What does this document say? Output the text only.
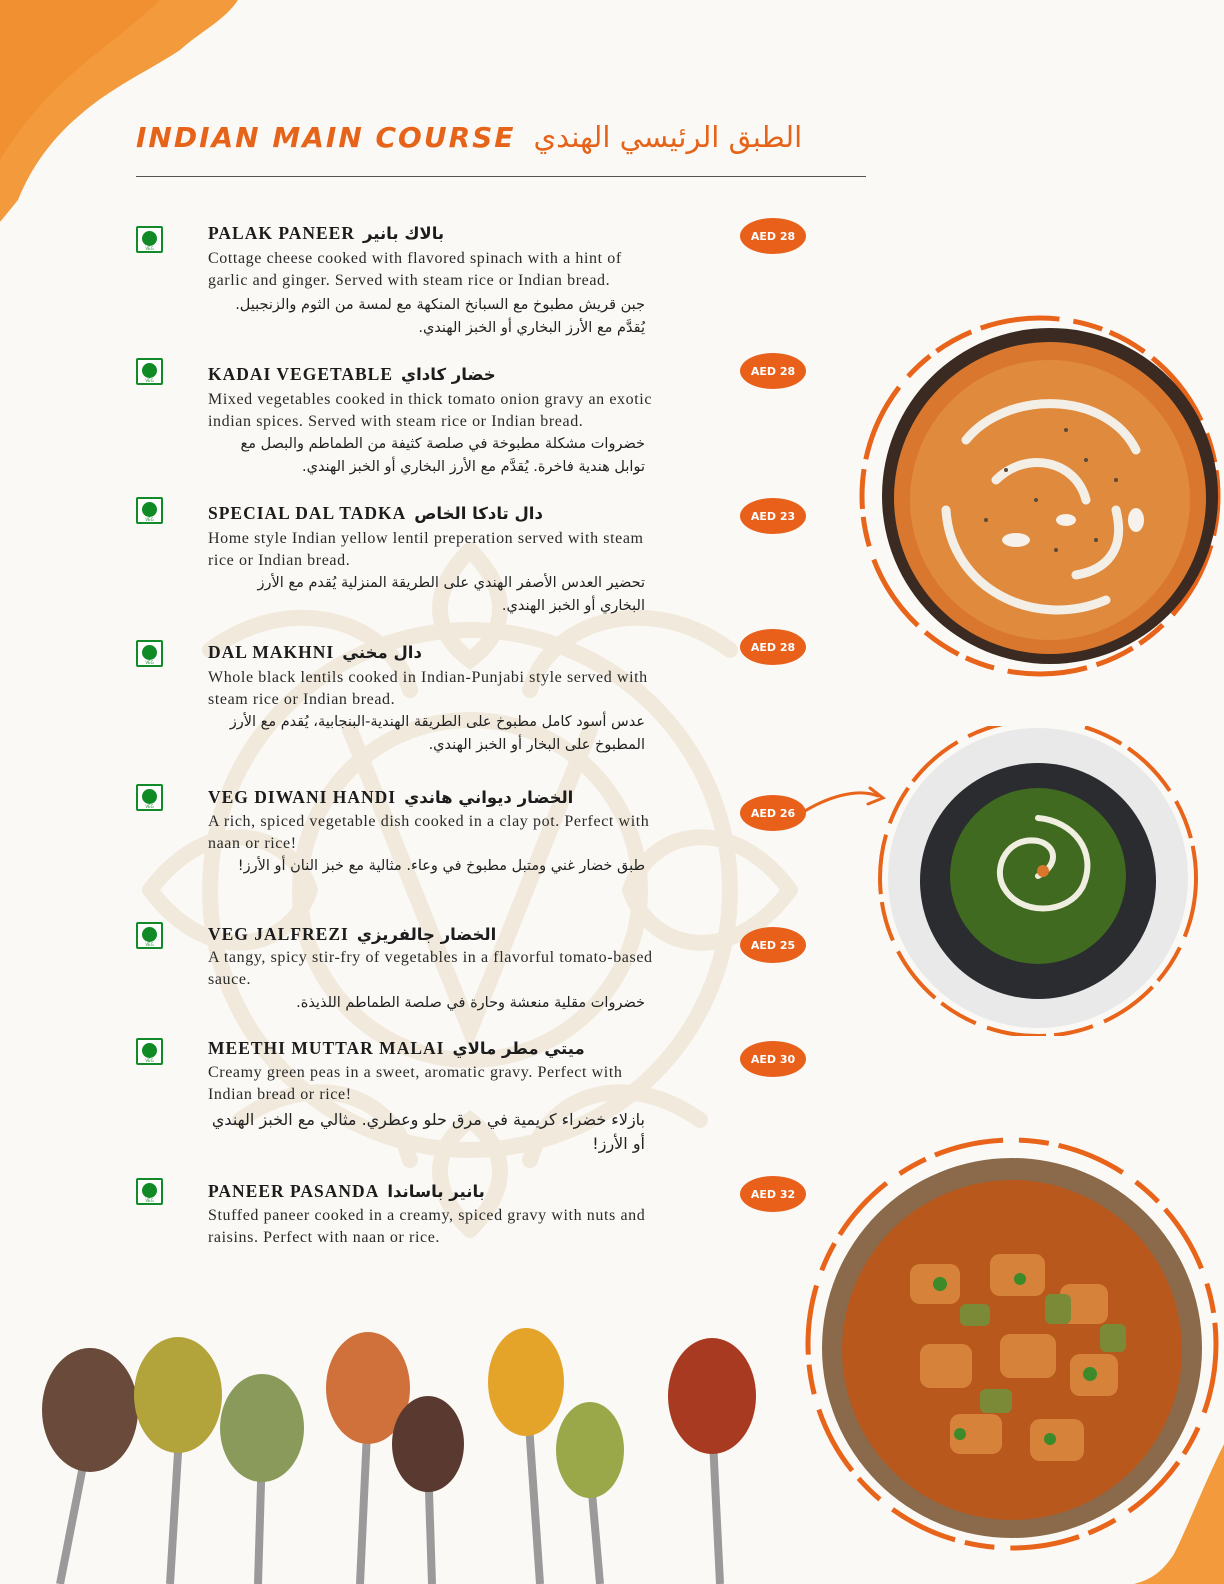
INDIAN MAIN COURSE الطبق الرئيسي الهندي
VEG
PALAK PANEER بالاك بانير
Cottage cheese cooked with flavored spinach with a hint of garlic and ginger. Served with steam rice or Indian bread.
جبن قريش مطبوخ مع السبانخ المنكهة مع لمسة من الثوم والزنجبيل. يُقدَّم مع الأرز البخاري أو الخبز الهندي.
AED 28
VEG	KADAI VEGETABLE خضار كاداي
Mixed vegetables cooked in thick tomato onion gravy an exotic indian spices. Served with steam rice or Indian bread.
خضروات مشكلة مطبوخة في صلصة كثيفة من الطماطم والبصل مع توابل هندية فاخرة. يُقدَّم مع الأرز البخاري أو الخبز الهندي.
AED 28
VEG	SPECIAL DAL TADKA دال تادكا الخاص
Home style Indian yellow lentil preperation served with steam rice or Indian bread.
تحضير العدس الأصفر الهندي على الطريقة المنزلية يُقدم مع الأرز البخاري أو الخبز الهندي.
AED 23
VEG
DAL MAKHNI دال مخني
Whole black lentils cooked in Indian-Punjabi style served with steam rice or Indian bread.
عدس أسود كامل مطبوخ على الطريقة الهندية-البنجابية، يُقدم مع الأرز المطبوخ على البخار أو الخبز الهندي.
AED 28
VEG	VEG DIWANI HANDI الخضار ديواني هاندي
A rich, spiced vegetable dish cooked in a clay pot. Perfect with naan or rice!
طبق خضار غني ومتبل مطبوخ في وعاء. مثالية مع خبز النان أو الأرز!
AED 26
VEG
VEG JALFREZI الخضار جالفريزي
A tangy, spicy stir-fry of vegetables in a flavorful tomato-based sauce.
خضروات مقلية منعشة وحارة في صلصة الطماطم اللذيذة.
AED 25
VEG
MEETHI MUTTAR MALAI ميتي مطر مالاي
Creamy green peas in a sweet, aromatic gravy. Perfect with Indian bread or rice!
بازلاء خضراء كريمية في مرق حلو وعطري. مثالي مع الخبز الهندي أو الأرز!
AED 30
VEG	PANEER PASANDA بانير باساندا
Stuffed paneer cooked in a creamy, spiced gravy with nuts and raisins. Perfect with naan or rice.
AED 32
